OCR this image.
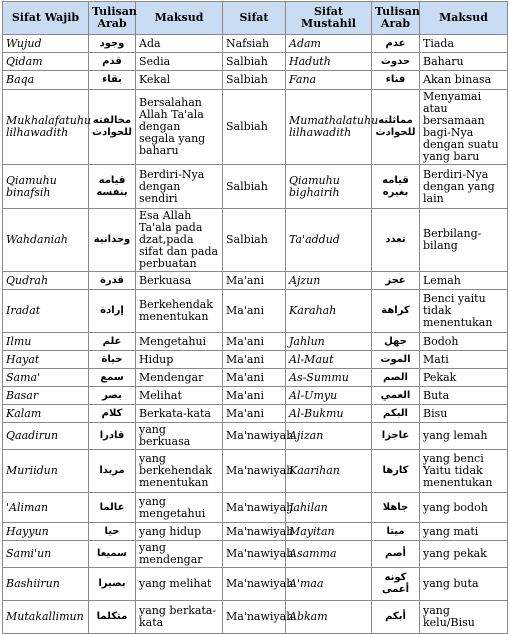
Sifat Wajib	Tulisan Arab	Maksud	Sifat	Sifat Mustahil	Tulisan Arab	Maksud
Wujud	وجود	Ada	Nafsiah	Adam	عدم	Tiada
Qidam	قدم	Sedia	Salbiah	Haduth	حدوث	Baharu
Baqa	بقاء	Kekal	Salbiah	Fana	فناء	Akan binasa
Mukhalafatuhu lilhawadith	مخالفته للحوادث	Bersalahan Allah Ta'ala dengan segala yang baharu	Salbiah	Mumathalatuhu lilhawadith	مماثلته للحوادث	Menyamai atau bersamaan bagi-Nya dengan suatu yang baru
Qiamuhu binafsih	قيامه بنفسه	Berdiri-Nya dengan sendiri	Salbiah	Qiamuhu bighairih	قيامه بغيره	Berdiri-Nya dengan yang lain
Wahdaniah	وحدانية	Esa Allah Ta'ala pada dzat,pada sifat dan pada perbuatan	Salbiah	Ta'addud	تعدد	Berbilang-bilang
Qudrah	قدرة	Berkuasa	Ma'ani	Ajzun	عجز	Lemah
Iradat	إرادة	Berkehendak menentukan	Ma'ani	Karahah	كراهة	Benci yaitu tidak menentukan
Ilmu	علم	Mengetahui	Ma'ani	Jahlun	جهل	Bodoh
Hayat	حياة	Hidup	Ma'ani	Al-Maut	الموت	Mati
Sama'	سمع	Mendengar	Ma'ani	As-Summu	الصم	Pekak
Basar	بصر	Melihat	Ma'ani	Al-Umyu	العمي	Buta
Kalam	كلام	Berkata-kata	Ma'ani	Al-Bukmu	البكم	Bisu
Qaadirun	قادرا	yang berkuasa	Ma'nawiyah	Ajizan	عاجزا	yang lemah
Muriidun	مريدا	yang berkehendak menentukan	Ma'nawiyah	Kaarihan	كارها	yang benci Yaitu tidak menentukan
'Aliman	عالما	yang mengetahui	Ma'nawiyah	Jahilan	جاهلا	yang bodoh
Hayyun	حيا	yang hidup	Ma'nawiyah	Mayitan	ميتا	yang mati
Sami'un	سميعا	yang mendengar	Ma'nawiyah	Asamma	أصم	yang pekak
Bashiirun	بصيرا	yang melihat	Ma'nawiyah	A'maa	كونه أعمى	yang buta
Mutakallimun	متكلما	yang berkata-kata	Ma'nawiyah	Abkam	أبكم	yang kelu/Bisu
